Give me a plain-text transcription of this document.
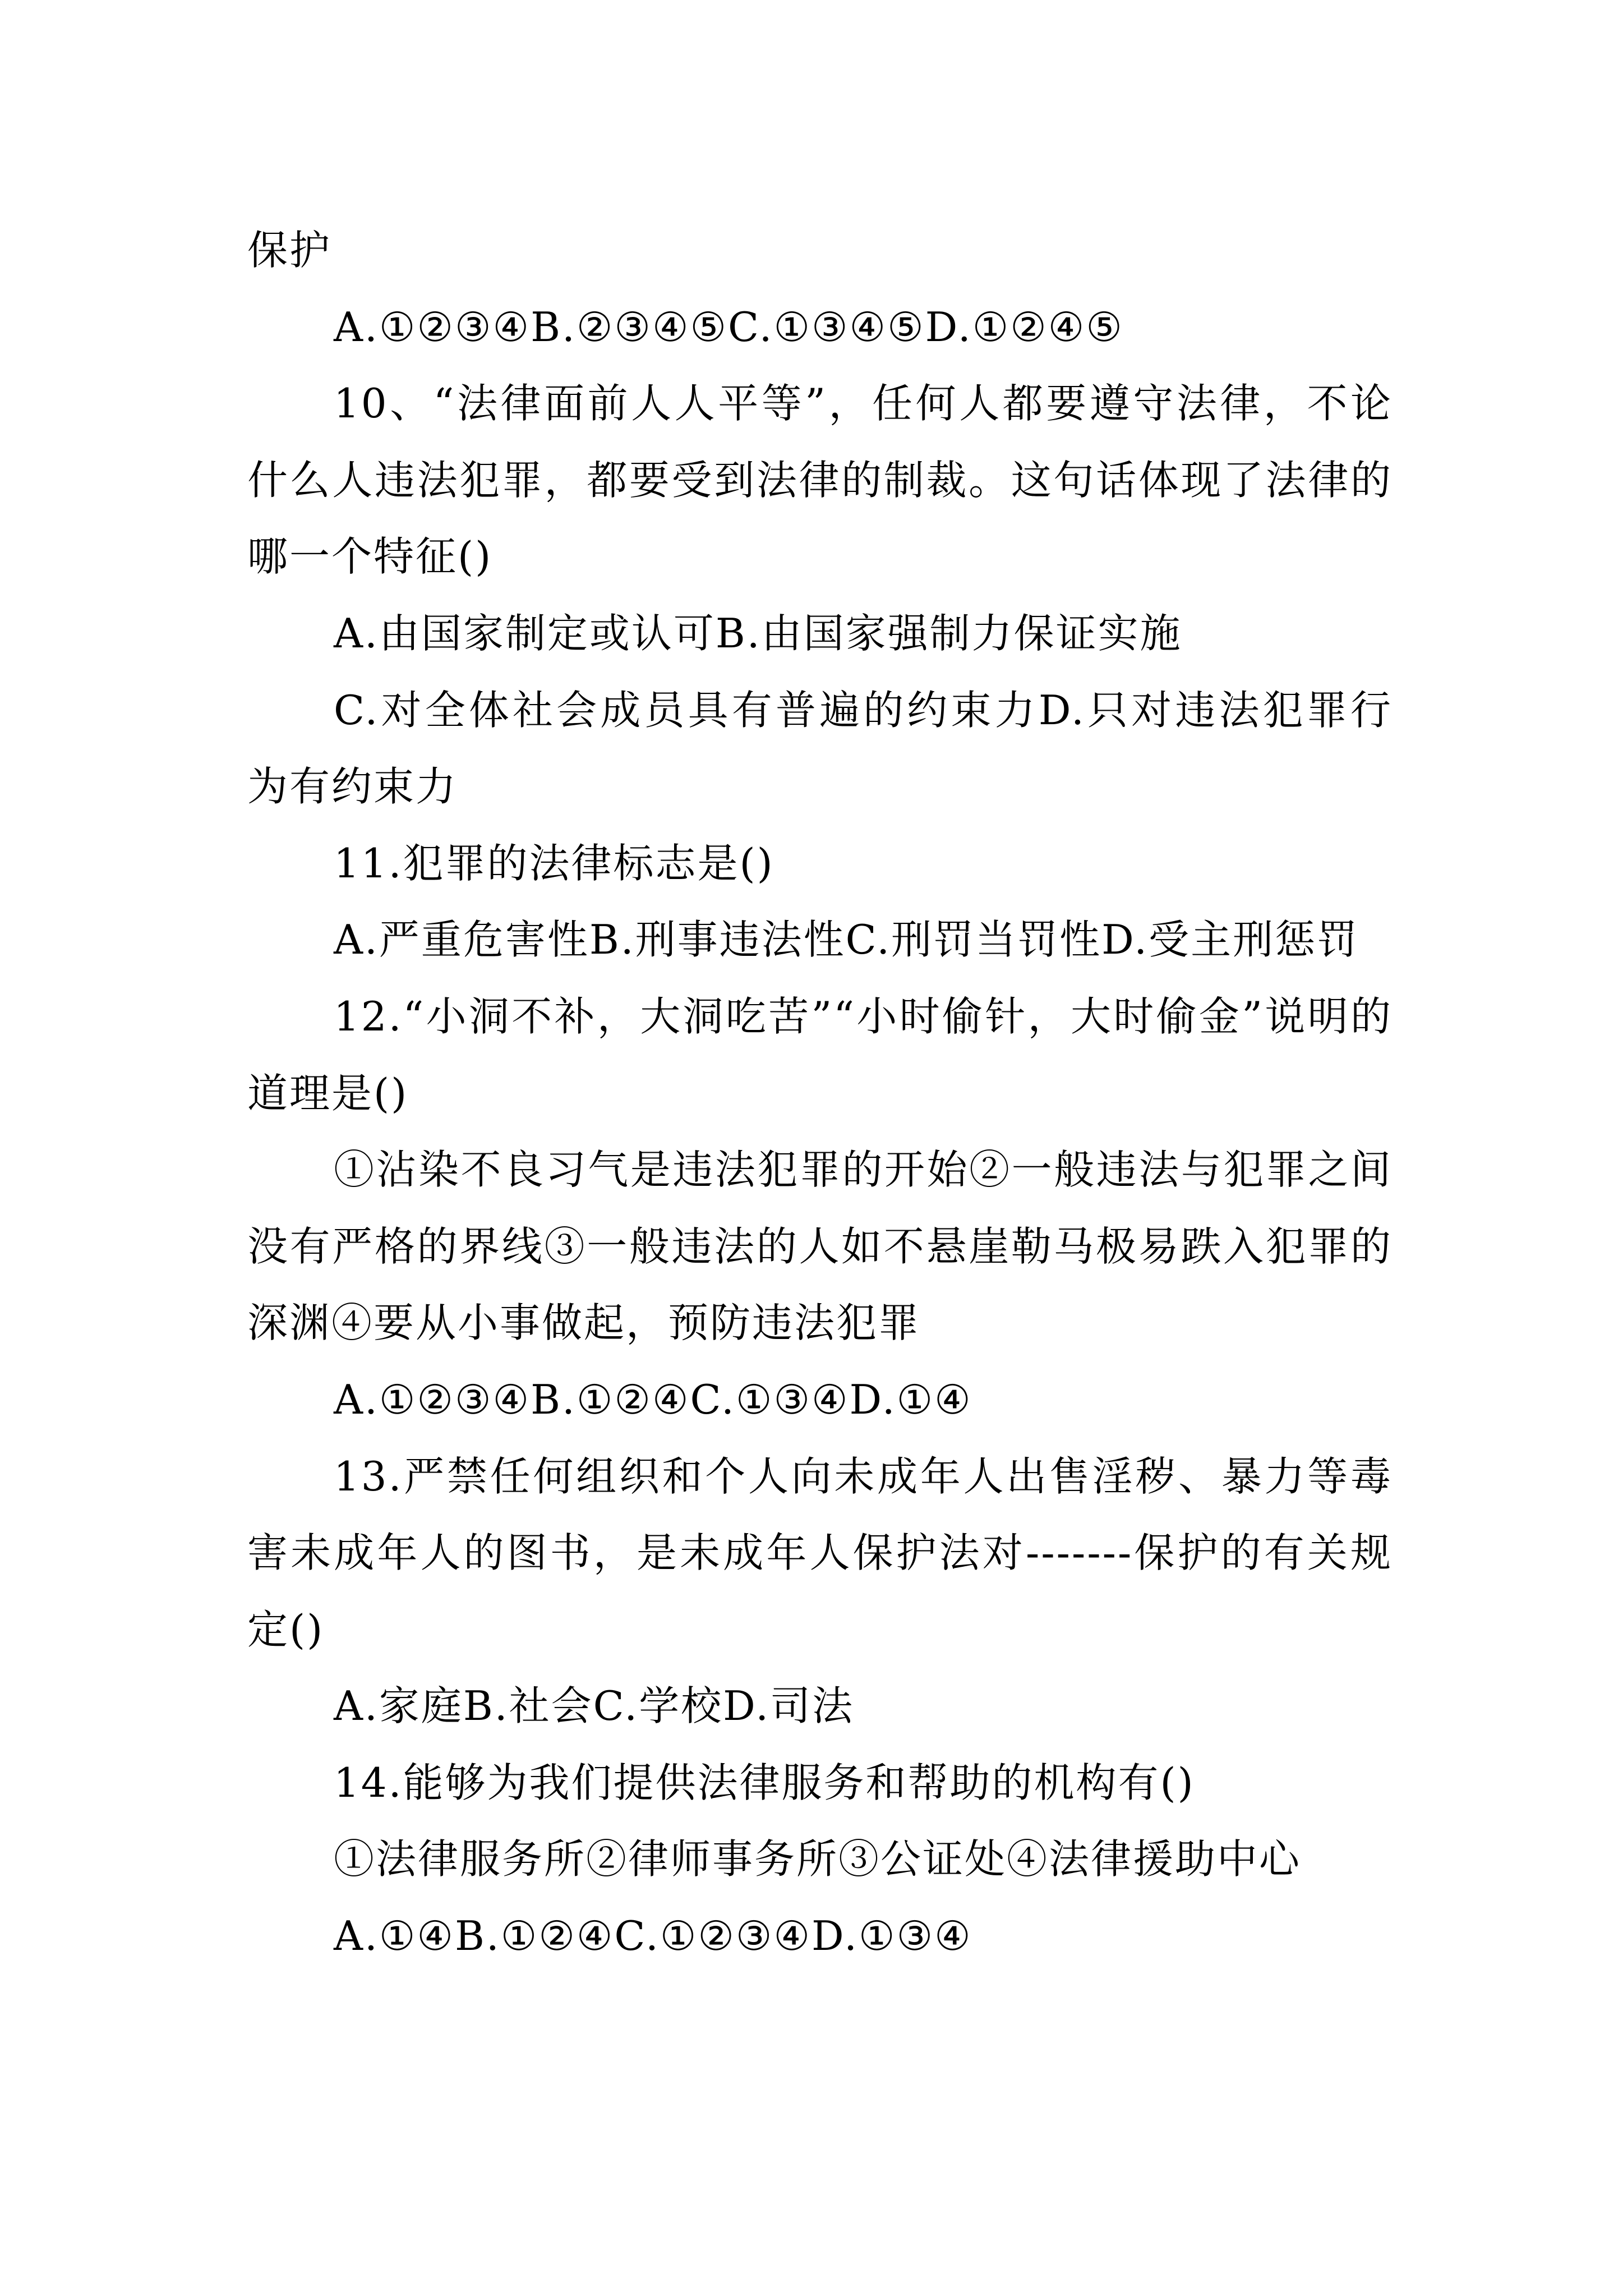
保护

A.①②③④B.②③④⑤C.①③④⑤D.①②④⑤

10、“法律面前人人平等”，任何人都要遵守法律，不论什么人违法犯罪，都要受到法律的制裁。这句话体现了法律的哪一个特征()

A.由国家制定或认可B.由国家强制力保证实施

C.对全体社会成员具有普遍的约束力D.只对违法犯罪行为有约束力

11.犯罪的法律标志是()

A.严重危害性B.刑事违法性C.刑罚当罚性D.受主刑惩罚

12.“小洞不补，大洞吃苦”“小时偷针，大时偷金”说明的道理是()

①沾染不良习气是违法犯罪的开始②一般违法与犯罪之间没有严格的界线③一般违法的人如不悬崖勒马极易跌入犯罪的深渊④要从小事做起，预防违法犯罪

A.①②③④B.①②④C.①③④D.①④

13.严禁任何组织和个人向未成年人出售淫秽、暴力等毒害未成年人的图书，是未成年人保护法对-------保护的有关规定()

A.家庭B.社会C.学校D.司法

14.能够为我们提供法律服务和帮助的机构有()

①法律服务所②律师事务所③公证处④法律援助中心

A.①④B.①②④C.①②③④D.①③④
